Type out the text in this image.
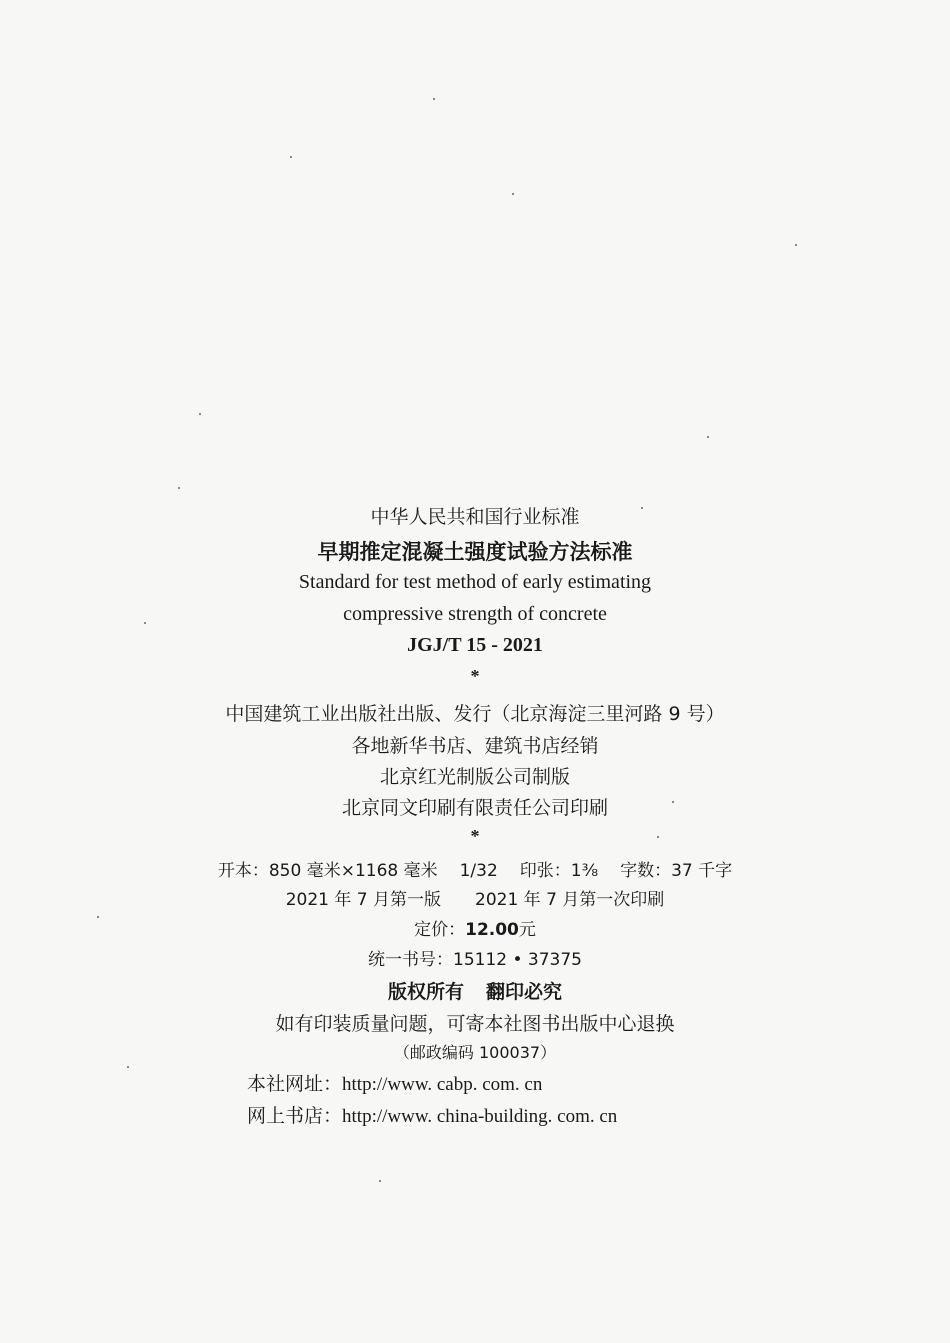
中华人民共和国行业标准
早期推定混凝土强度试验方法标准
Standard for test method of early estimating
compressive strength of concrete
JGJ/T 15 - 2021
*
中国建筑工业出版社出版、发行（北京海淀三里河路 9 号）
各地新华书店、建筑书店经销
北京红光制版公司制版
北京同文印刷有限责任公司印刷
*
开本：850 毫米×1168 毫米 1/32 印张：1⅜ 字数：37 千字
2021 年 7 月第一版 2021 年 7 月第一次印刷
定价：12.00元
统一书号：15112 • 37375
版权所有 翻印必究
如有印装质量问题，可寄本社图书出版中心退换
（邮政编码 100037）
本社网址：http://www. cabp. com. cn
网上书店：http://www. china-building. com. cn
